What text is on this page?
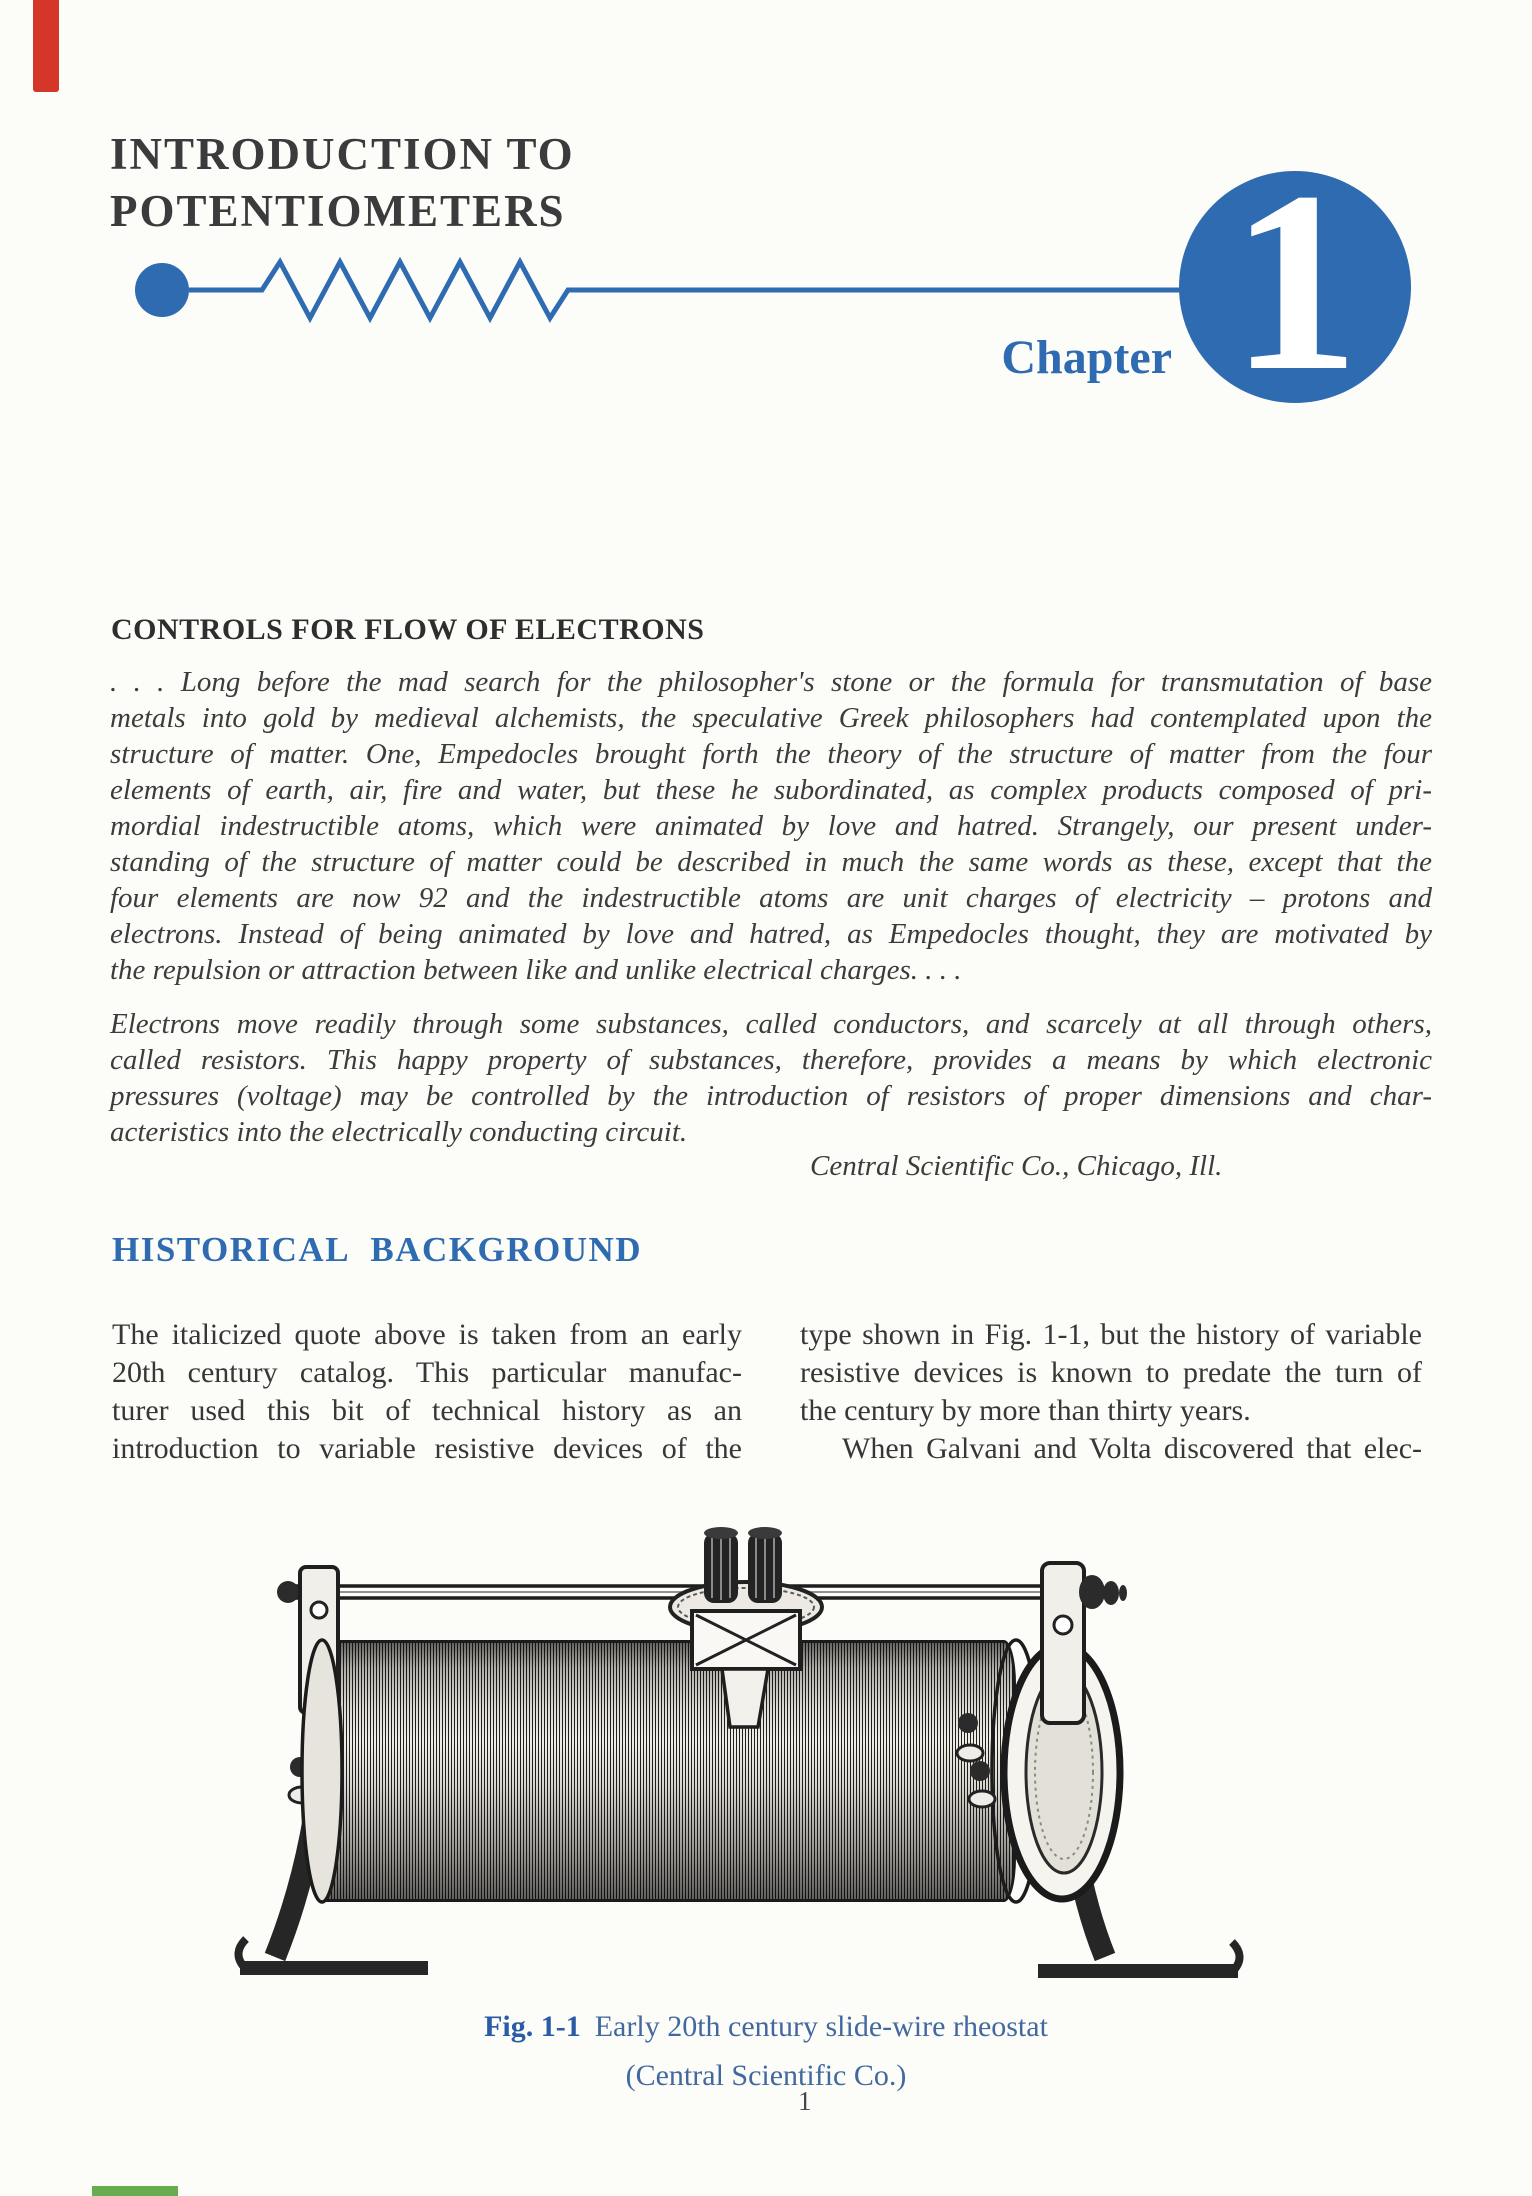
INTRODUCTION TO
POTENTIOMETERS
Chapter 1
CONTROLS FOR FLOW OF ELECTRONS
. . . Long before the mad search for the philosopher's stone or the formula for transmutation of base
metals into gold by medieval alchemists, the speculative Greek philosophers had contemplated upon the
structure of matter. One, Empedocles brought forth the theory of the structure of matter from the four
elements of earth, air, fire and water, but these he subordinated, as complex products composed of pri-
mordial indestructible atoms, which were animated by love and hatred. Strangely, our present under-
standing of the structure of matter could be described in much the same words as these, except that the
four elements are now 92 and the indestructible atoms are unit charges of electricity – protons and
electrons. Instead of being animated by love and hatred, as Empedocles thought, they are motivated by
the repulsion or attraction between like and unlike electrical charges. . . .
Electrons move readily through some substances, called conductors, and scarcely at all through others,
called resistors. This happy property of substances, therefore, provides a means by which electronic
pressures (voltage) may be controlled by the introduction of resistors of proper dimensions and char-
acteristics into the electrically conducting circuit.
Central Scientific Co., Chicago, Ill.
HISTORICAL BACKGROUND
The italicized quote above is taken from an early
20th century catalog. This particular manufac-
turer used this bit of technical history as an
introduction to variable resistive devices of the
type shown in Fig. 1-1, but the history of variable
resistive devices is known to predate the turn of
the century by more than thirty years.
When Galvani and Volta discovered that elec-
Fig. 1-1 Early 20th century slide-wire rheostat
(Central Scientific Co.)
1
